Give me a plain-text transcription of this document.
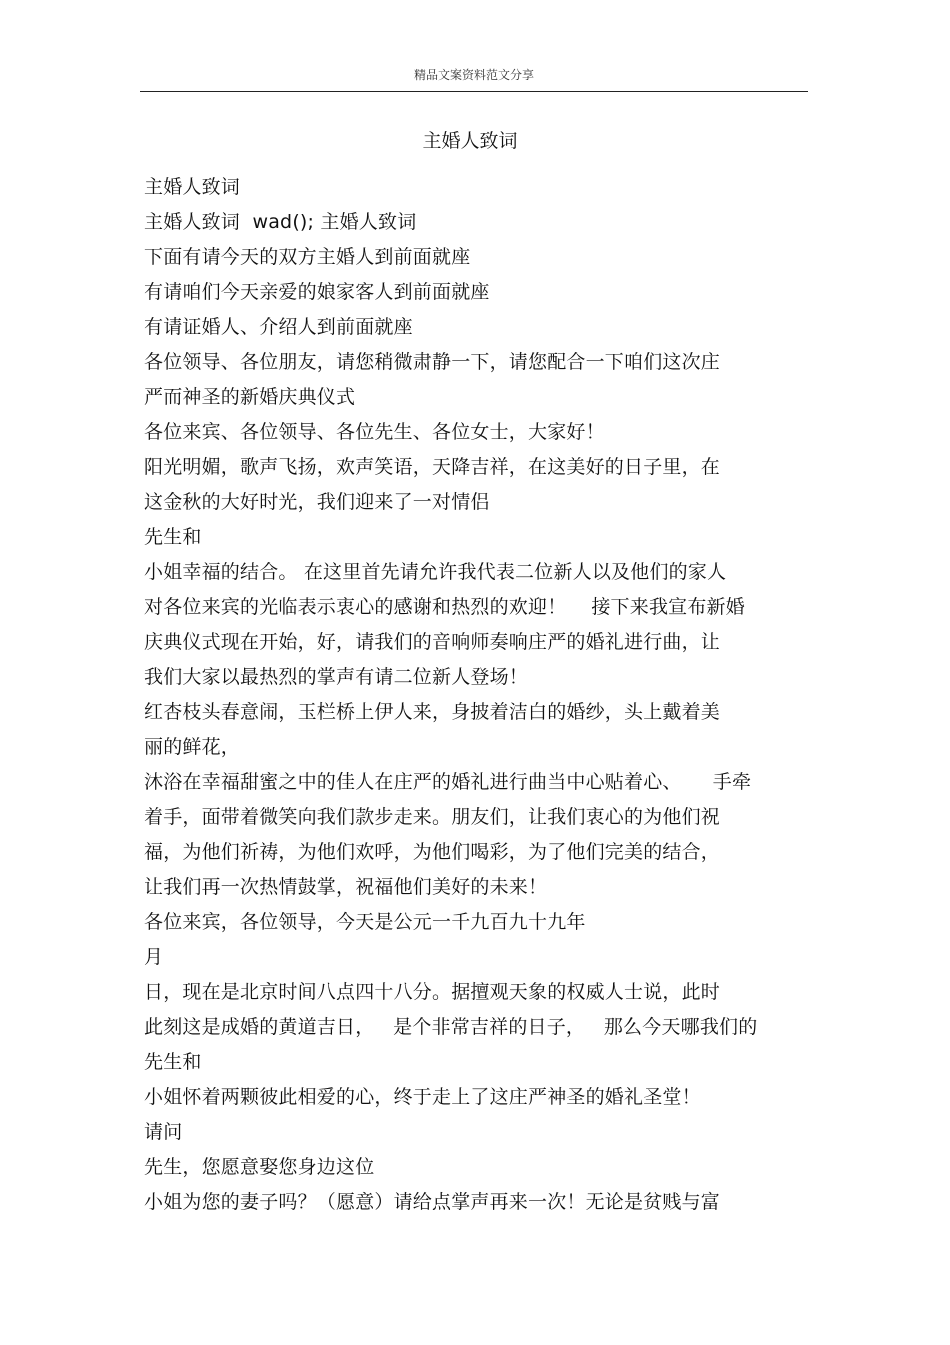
精品文案资料范文分享
主婚人致词
主婚人致词
主婚人致词  wad(); 主婚人致词
下面有请今天的双方主婚人到前面就座
有请咱们今天亲爱的娘家客人到前面就座
有请证婚人、介绍人到前面就座
各位领导、各位朋友，请您稍微肃静一下，请您配合一下咱们这次庄
严而神圣的新婚庆典仪式
各位来宾、各位领导、各位先生、各位女士，大家好！
阳光明媚，歌声飞扬，欢声笑语，天降吉祥，在这美好的日子里，在
这金秋的大好时光，我们迎来了一对情侣
先生和
小姐幸福的结合。 在这里首先请允许我代表二位新人以及他们的家人
对各位来宾的光临表示衷心的感谢和热烈的欢迎！    接下来我宣布新婚
庆典仪式现在开始，好，请我们的音响师奏响庄严的婚礼进行曲，让
我们大家以最热烈的掌声有请二位新人登场！
红杏枝头春意闹，玉栏桥上伊人来，身披着洁白的婚纱，头上戴着美
丽的鲜花，
沐浴在幸福甜蜜之中的佳人在庄严的婚礼进行曲当中心贴着心、     手牵
着手，面带着微笑向我们款步走来。朋友们，让我们衷心的为他们祝
福，为他们祈祷，为他们欢呼，为他们喝彩，为了他们完美的结合，
让我们再一次热情鼓掌，祝福他们美好的未来！
各位来宾，各位领导，今天是公元一千九百九十九年
月
日，现在是北京时间八点四十八分。据擅观天象的权威人士说，此时
此刻这是成婚的黄道吉日，   是个非常吉祥的日子，   那么今天哪我们的
先生和
小姐怀着两颗彼此相爱的心，终于走上了这庄严神圣的婚礼圣堂！
请问
先生，您愿意娶您身边这位
小姐为您的妻子吗？（愿意）请给点掌声再来一次！无论是贫贱与富
